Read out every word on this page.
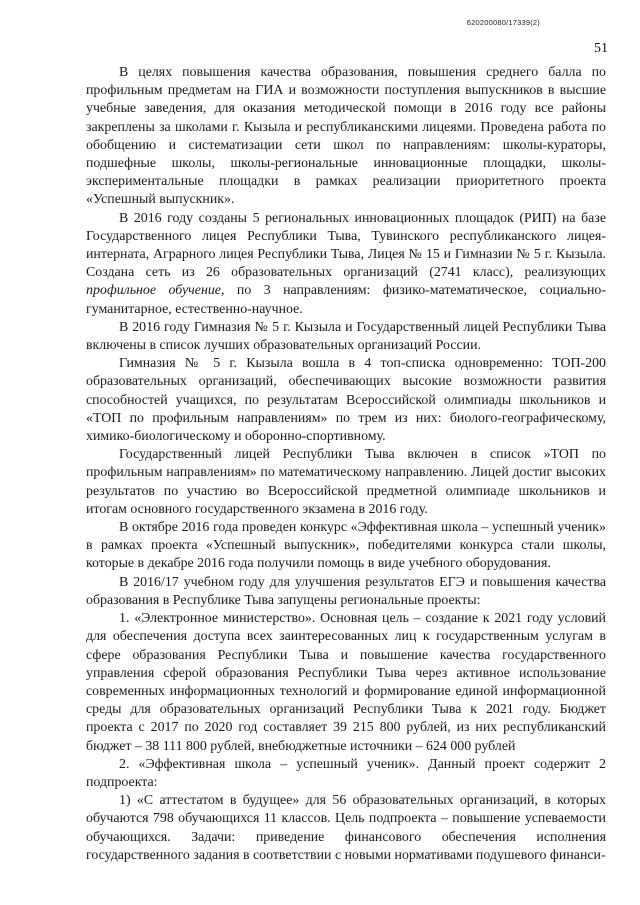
620200080/17339(2)
51

В целях повышения качества образования, повышения среднего балла по профильным предметам на ГИА и возможности поступления выпускников в высшие учебные заведения, для оказания методической помощи в 2016 году все районы закреплены за школами г. Кызыла и республиканскими лицеями. Проведена работа по обобщению и систематизации сети школ по направлениям: школы-кураторы, подшефные школы, школы-региональные инновационные площадки, школы-экспериментальные площадки в рамках реализации приоритетного проекта «Успешный выпускник».

В 2016 году созданы 5 региональных инновационных площадок (РИП) на базе Государственного лицея Республики Тыва, Тувинского республиканского лицея-интерната, Аграрного лицея Республики Тыва, Лицея № 15 и Гимназии № 5 г. Кызыла. Создана сеть из 26 образовательных организаций (2741 класс), реализующих профильное обучение, по 3 направлениям: физико-математическое, социально-гуманитарное, естественно-научное.

В 2016 году Гимназия № 5 г. Кызыла и Государственный лицей Республики Тыва включены в список лучших образовательных организаций России.

Гимназия № 5 г. Кызыла вошла в 4 топ-списка одновременно: ТОП-200 образовательных организаций, обеспечивающих высокие возможности развития способностей учащихся, по результатам Всероссийской олимпиады школьников и «ТОП по профильным направлениям» по трем из них: биолого-географическому, химико-биологическому и оборонно-спортивному.

Государственный лицей Республики Тыва включен в список »ТОП по профильным направлениям» по математическому направлению. Лицей достиг высоких результатов по участию во Всероссийской предметной олимпиаде школьников и итогам основного государственного экзамена в 2016 году.

В октябре 2016 года проведен конкурс «Эффективная школа – успешный ученик» в рамках проекта «Успешный выпускник», победителями конкурса стали школы, которые в декабре 2016 года получили помощь в виде учебного оборудования.

В 2016/17 учебном году для улучшения результатов ЕГЭ и повышения качества образования в Республике Тыва запущены региональные проекты:

1. «Электронное министерство». Основная цель – создание к 2021 году условий для обеспечения доступа всех заинтересованных лиц к государственным услугам в сфере образования Республики Тыва и повышение качества государственного управления сферой образования Республики Тыва через активное использование современных информационных технологий и формирование единой информационной среды для образовательных организаций Республики Тыва к 2021 году. Бюджет проекта с 2017 по 2020 год составляет 39 215 800 рублей, из них республиканский бюджет – 38 111 800 рублей, внебюджетные источники – 624 000 рублей

2. «Эффективная школа – успешный ученик». Данный проект содержит 2 подпроекта:

1) «С аттестатом в будущее» для 56 образовательных организаций, в которых обучаются 798 обучающихся 11 классов. Цель подпроекта – повышение успеваемости обучающихся. Задачи: приведение финансового обеспечения исполнения государственного задания в соответствии с новыми нормативами подушевого финанси-
